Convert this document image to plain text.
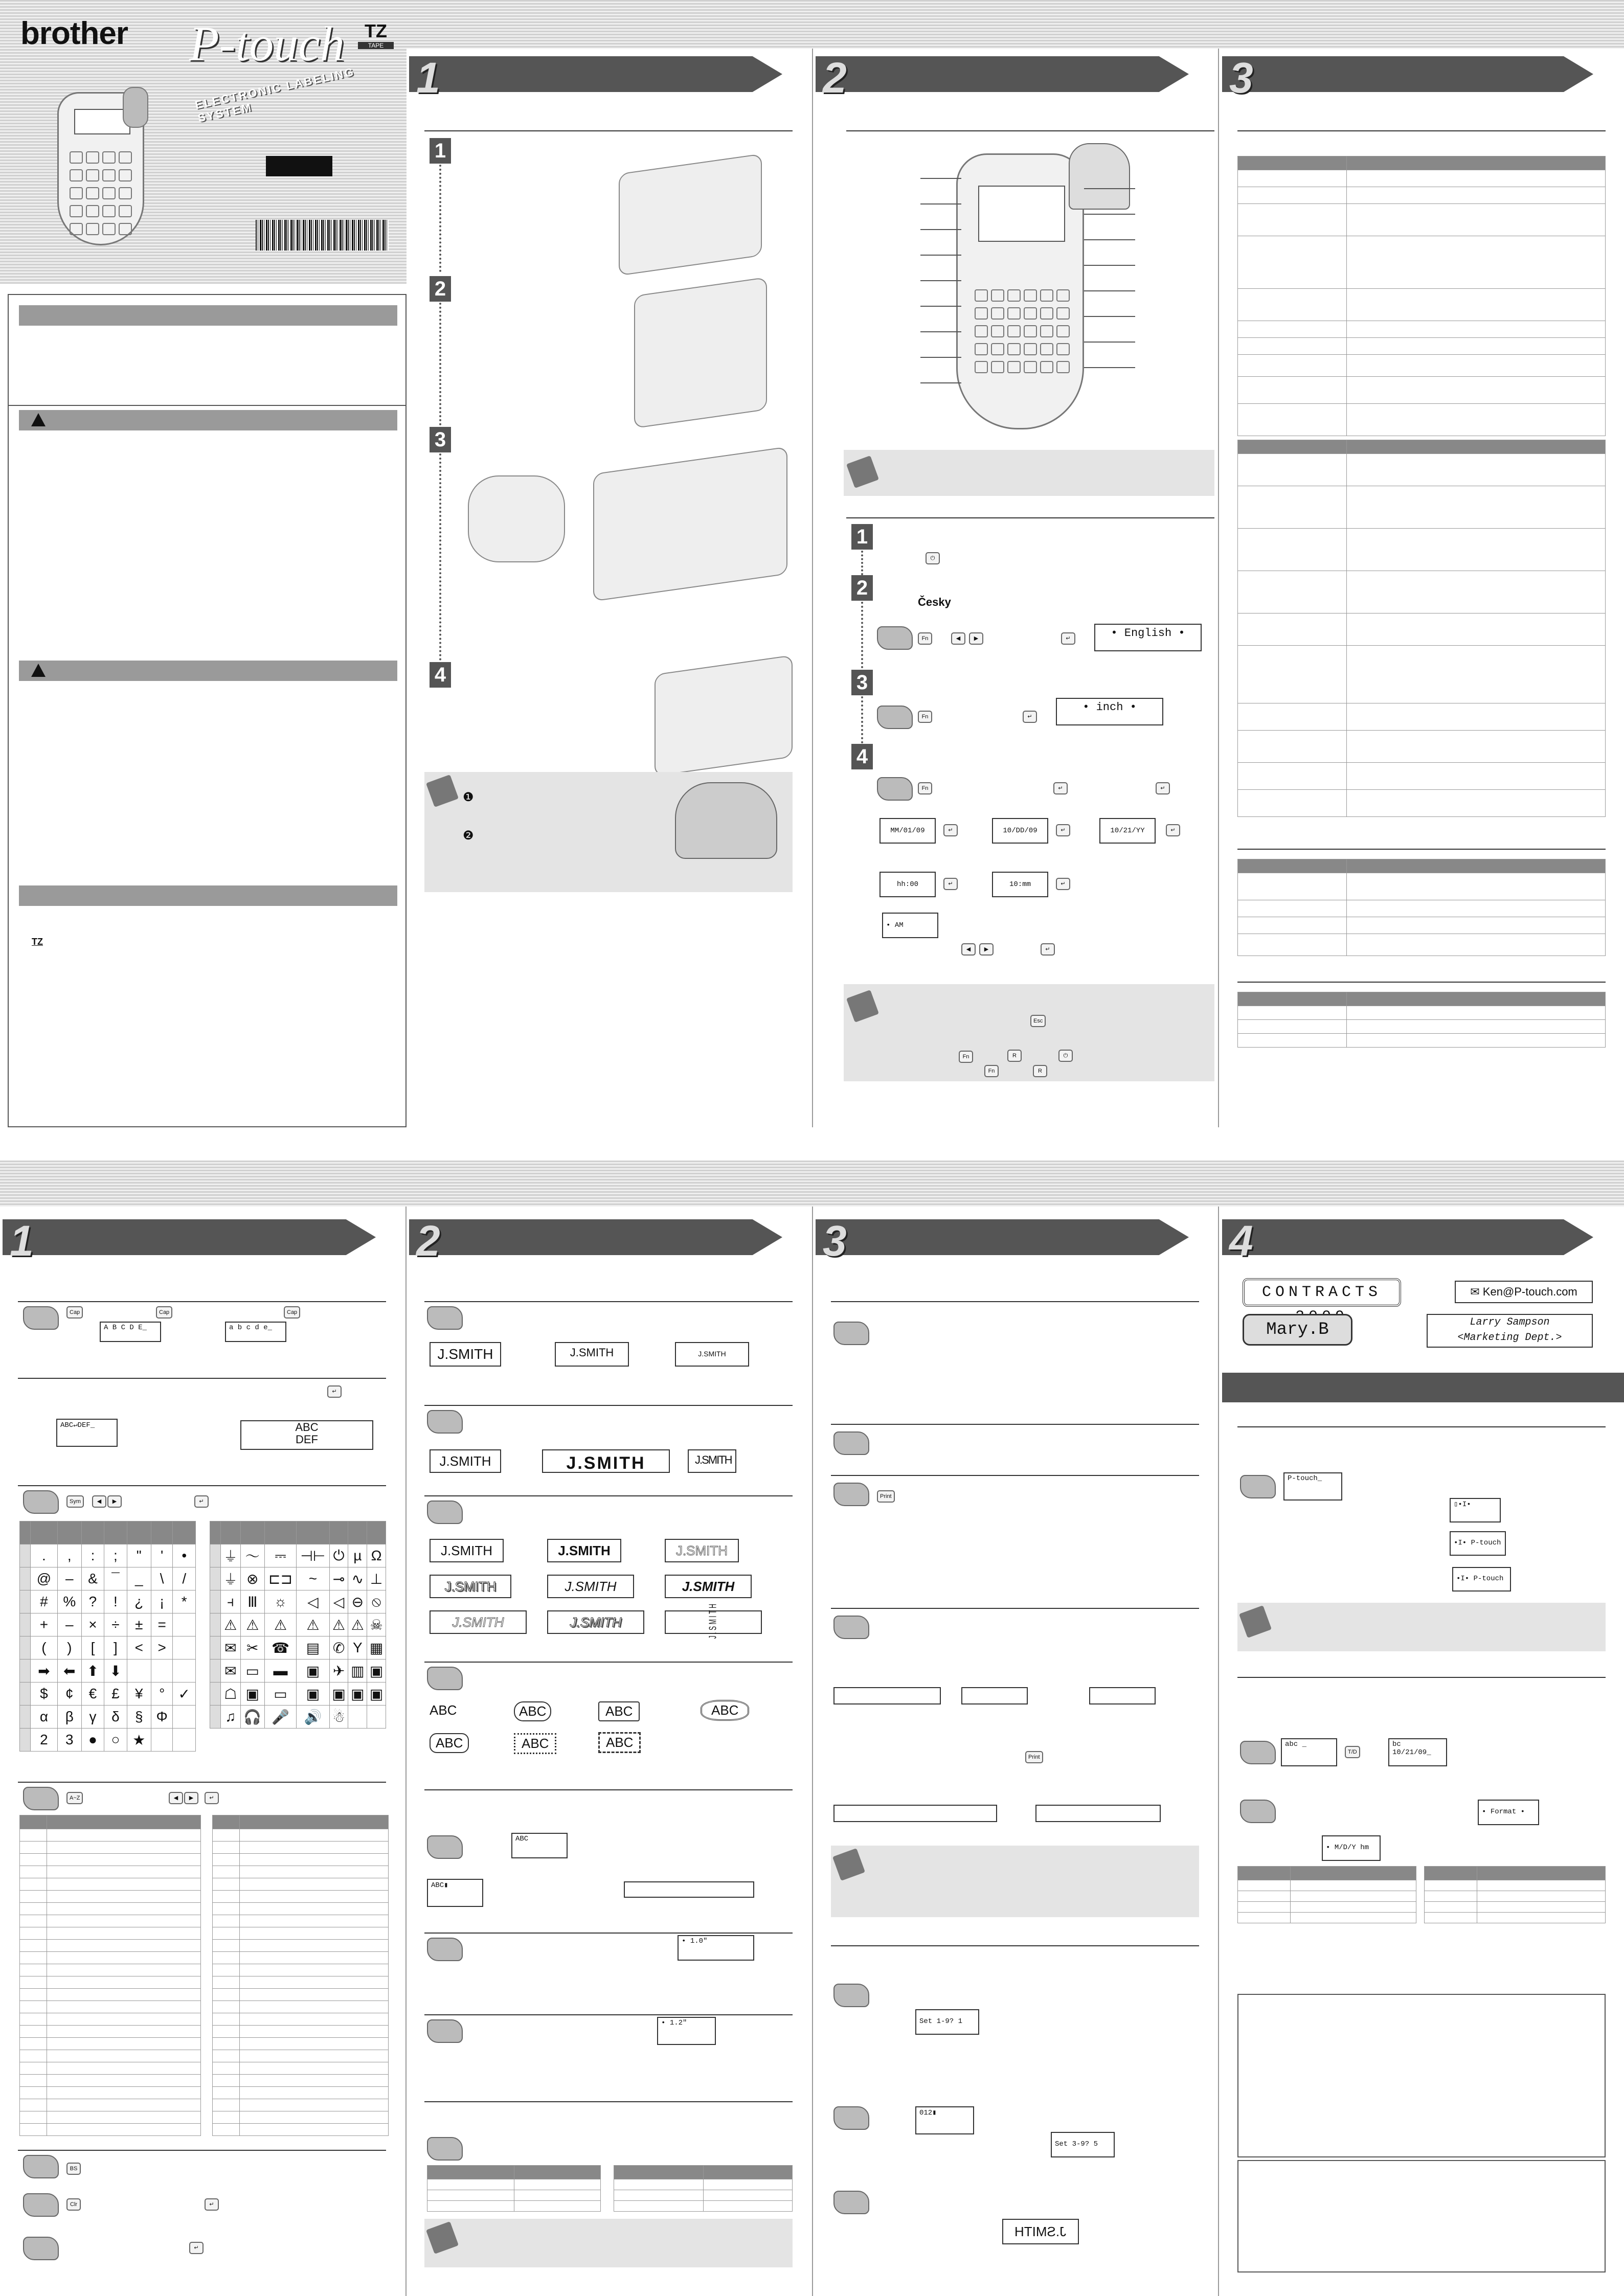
brother P-touch	TZ
TAPE
ELECTRONIC LABELING SYSTEM
TZ
1
1
2
3
4
❶
❷
2
1
2
3
4
⏻
Česky
Fn	◀	▶	↵	• English •
Fn	↵
• inch •
Fn	↵	↵
MM/01/09	↵	10/DD/09	↵	10/21/YY	↵
hh:00	↵	10:mm	↵
• AM
◀	▶	↵
Esc
Fn	R	⏻
Fn	R
3

1
Cap	Cap	Cap
A B C D E_	a b c d e_
↵
ABC↵DEF_	ABC
DEF
Sym	◀	▶	↵

	.	,	:	;	"	'	•
	@	–	&	¯	_	\	/
	#	%	?	!	¿	¡	*
	+	–	×	÷	±	=	
	(	)	[	]	<	>	
	➡	⬅	⬆	⬇			
	$	¢	€	£	¥	°	✓
	α	β	γ	δ	§	Φ	
	2	3	●	○	★		

	⏚	〜	⎓	⊣⊢	⏻	µ	Ω
	⏚	⊗	⊏⊐	~	⊸	∿	⊥
	⫞	Ⅲ	☼	◁	◁	⊖	⦸
	⚠	⚠	⚠	⚠	⚠	⚠	☠
	✉	✂	☎	▤	✆	Y	▦
	✉	▭	▬	▣	✈	▥	▣
	☖	▣	▭	▣	▣	▣	▣
	♫	🎧	🎤	🔊	☃		
A~Z	◀	▶	↵

BS
Clr	↵
↵
2
J.SMITH	J.SMITH	J.SMITH
J.SMITH	J.SMITH	J.SMITH
J.SMITH	J.SMITH	J.SMITH
J.SMITH	J.SMITH	J.SMITH
J.SMITH	J.SMITH	J.SMITH
ABC	ABC	ABC	ABC
ABC	ABC	ABC
ABC
ABC▮
• 1.0"
• 1.2"

3
Print
Print
Set 1-9? 1
012▮
Set 3-9? 5
J.SMITH
4
CONTRACTS	✉ Ken@P-touch.com
Mary.B	Larry Sampson
<Marketing Dept.>
P-touch_
▯•I•
•I• P-touch
•I• P-touch
abc _
T/D
bc 10/21/09_
• Format •
• M/D/Y hm
